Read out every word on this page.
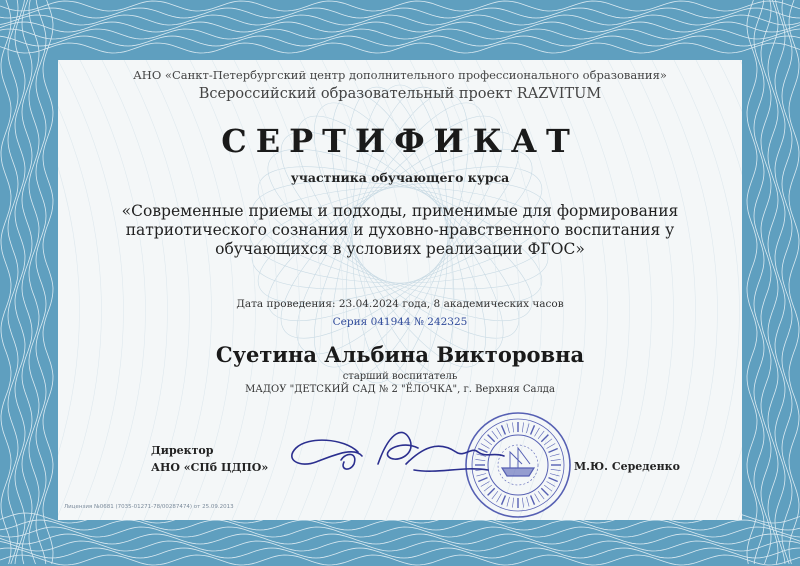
АНО «Санкт-Петербургский центр дополнительного профессионального образования»
Всероссийский образовательный проект RAZVITUM
СЕРТИФИКАТ
участника обучающего курса
«Современные приемы и подходы, применимые для формирования патриотического сознания и духовно-нравственного воспитания у обучающихся в условиях реализации ФГОС»
Дата проведения: 23.04.2024 года, 8 академических часов
Серия 041944 № 242325
Суетина Альбина Викторовна
старший воспитатель
МАДОУ "ДЕТСКИЙ САД № 2 "ЁЛОЧКА", г. Верхняя Салда
Директор
АНО «СПб ЦДПО»	М.Ю. Середенко
Лицензия №0681 (7035-01271-78/00287474) от 25.09.2013
